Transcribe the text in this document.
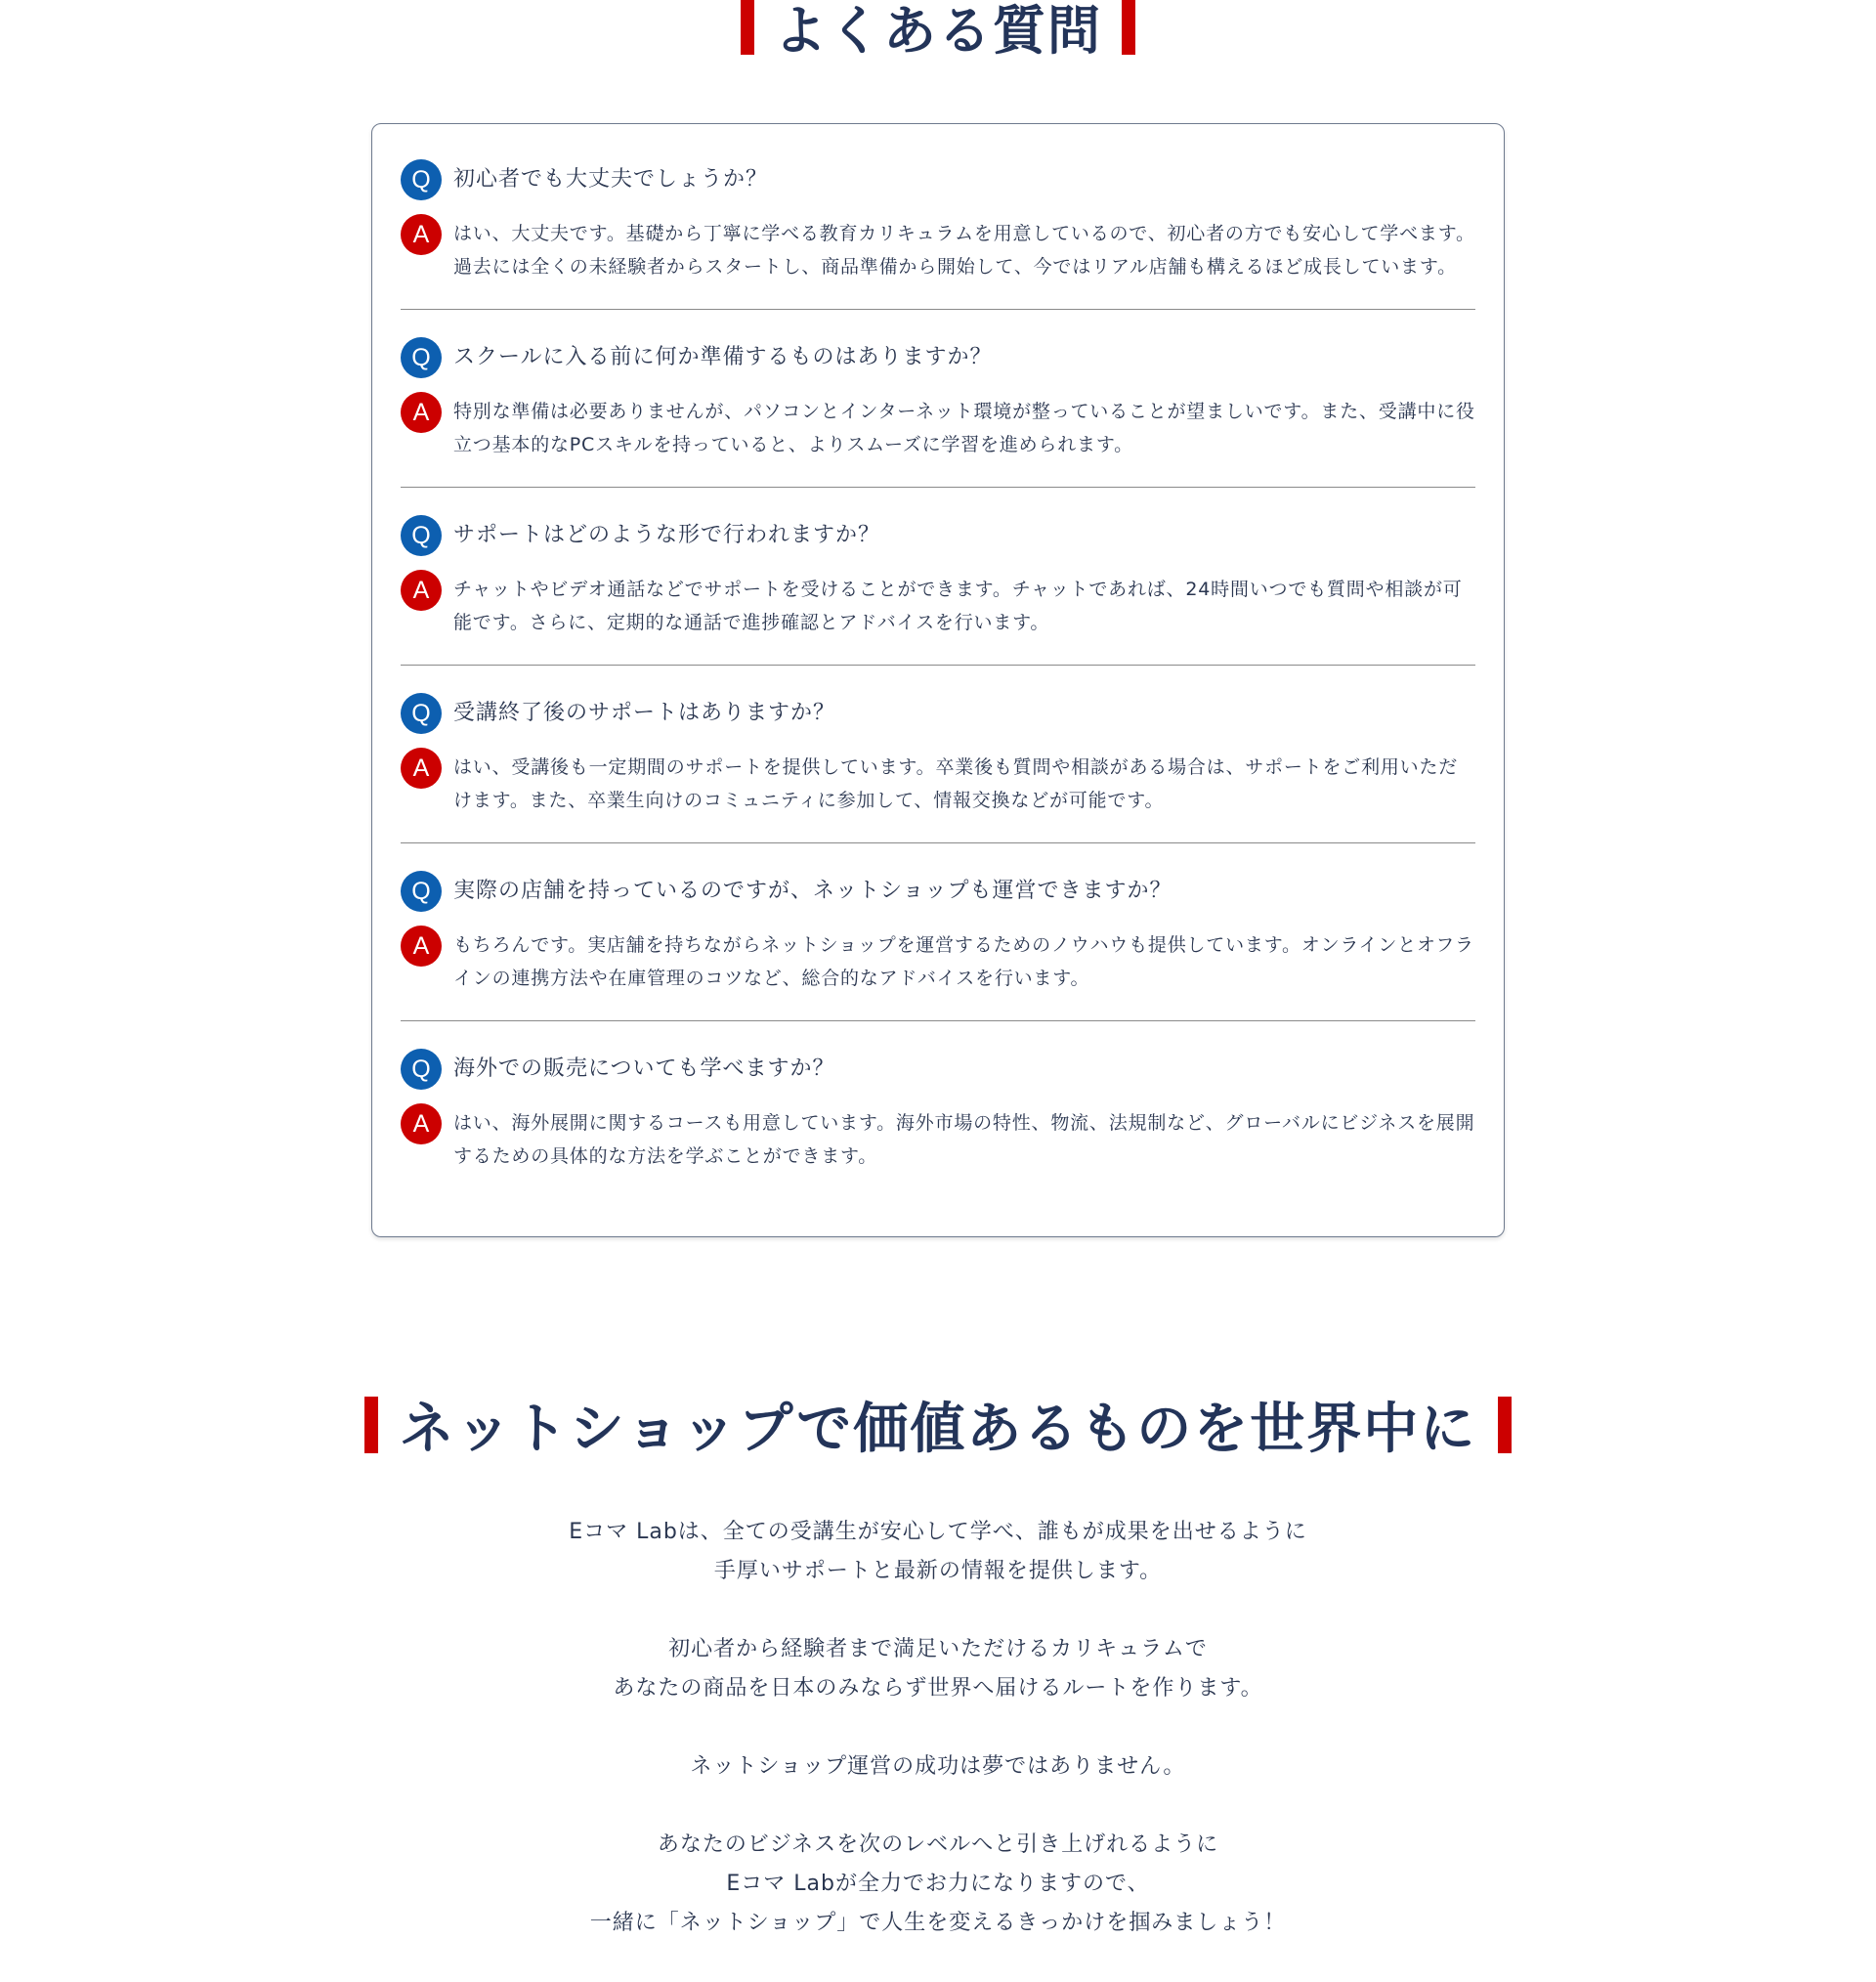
よくある質問
Q	初心者でも大丈夫でしょうか？
A	はい、大丈夫です。基礎から丁寧に学べる教育カリキュラムを用意しているので、初心者の方でも安心して学べます。過去には全くの未経験者からスタートし、商品準備から開始して、今ではリアル店舗も構えるほど成長しています。
Q	スクールに入る前に何か準備するものはありますか？
A	特別な準備は必要ありませんが、パソコンとインターネット環境が整っていることが望ましいです。また、受講中に役立つ基本的なPCスキルを持っていると、よりスムーズに学習を進められます。
Q	サポートはどのような形で行われますか？
A	チャットやビデオ通話などでサポートを受けることができます。チャットであれば、24時間いつでも質問や相談が可能です。さらに、定期的な通話で進捗確認とアドバイスを行います。
Q	受講終了後のサポートはありますか？
A	はい、受講後も一定期間のサポートを提供しています。卒業後も質問や相談がある場合は、サポートをご利用いただけます。また、卒業生向けのコミュニティに参加して、情報交換などが可能です。
Q	実際の店舗を持っているのですが、ネットショップも運営できますか？
A	もちろんです。実店舗を持ちながらネットショップを運営するためのノウハウも提供しています。オンラインとオフラインの連携方法や在庫管理のコツなど、総合的なアドバイスを行います。
Q	海外での販売についても学べますか？
A	はい、海外展開に関するコースも用意しています。海外市場の特性、物流、法規制など、グローバルにビジネスを展開するための具体的な方法を学ぶことができます。
ネットショップで価値あるものを世界中に

Eコマ Labは、全ての受講生が安心して学べ、誰もが成果を出せるように
手厚いサポートと最新の情報を提供します。

初心者から経験者まで満足いただけるカリキュラムで
あなたの商品を日本のみならず世界へ届けるルートを作ります。

ネットショップ運営の成功は夢ではありません。

あなたのビジネスを次のレベルへと引き上げれるように
Eコマ Labが全力でお力になりますので、
一緒に「ネットショップ」で人生を変えるきっかけを掴みましょう！
